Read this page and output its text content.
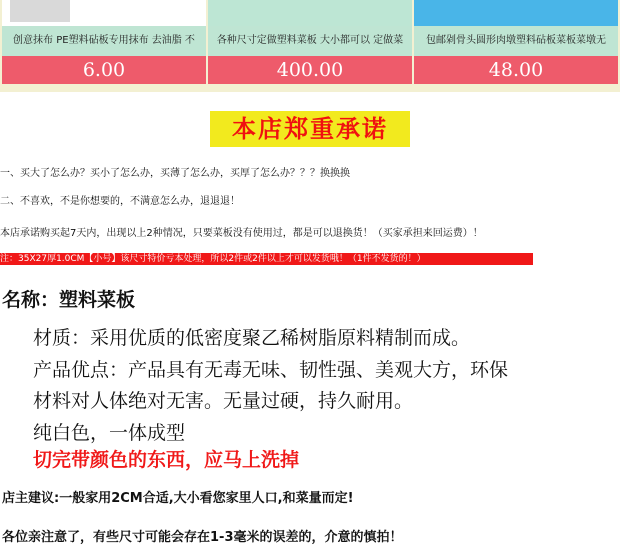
创意抹布 PE塑料砧板专用抹布 去油脂 不
6.00
各种尺寸定做塑料菜板 大小都可以 定做菜
400.00
包邮剁骨头圆形肉墩塑料砧板菜板菜墩无
48.00
本店郑重承诺
一、买大了怎么办？买小了怎么办，买薄了怎么办，买厚了怎么办？？？换换换
二、不喜欢，不是你想要的，不满意怎么办，退退退！
本店承诺购买起7天内，出现以上2种情况，只要菜板没有使用过，都是可以退换货！（买家承担来回运费）！
注：35X27厚1.0CM【小号】该尺寸特价亏本处理，所以2件或2件以上才可以发货哦！（1件不发货的！）
名称：塑料菜板
材质：采用优质的低密度聚乙稀树脂原料精制而成。
产品优点：产品具有无毒无味、韧性强、美观大方，环保
材料对人体绝对无害。无量过硬，持久耐用。
纯白色，一体成型
切完带颜色的东西，应马上洗掉
店主建议:一般家用2CM合适,大小看您家里人口,和菜量而定!
各位亲注意了，有些尺寸可能会存在1-3毫米的误差的，介意的慎拍！
